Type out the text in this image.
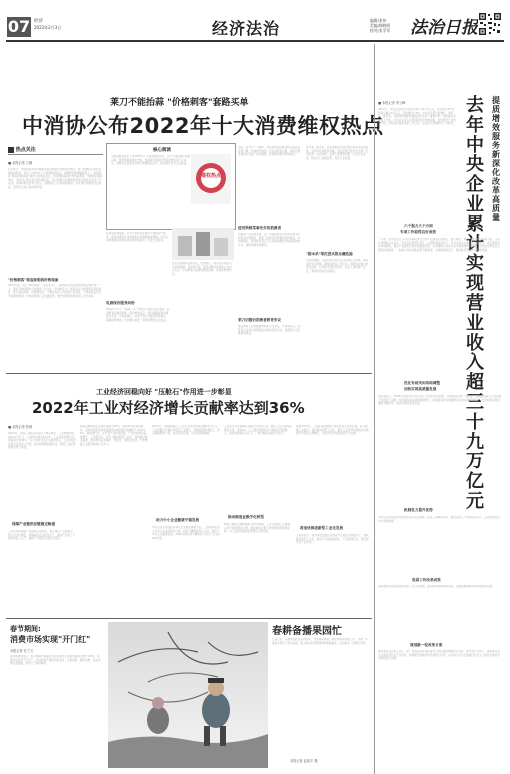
07 经济
2023年2月3日	经济法治	编辑/张伟
美编/韩晓明
校对/张学军	法治日报
莱刀不能抬蒜 "价格刺客"套路买单
中消协公布2022年十大消费维权热点
热点关注
■ 本报记者 万静
1月30日，中国消费者协会根据全国消协组织受理投诉情况，结合舆情热点和社会调查等资料，发布了2022年十大消费维权热点。消费维权舆情数据显示，"价格刺客"等违规明码标价现象引发舆论关注，使用预制菜事先告知消费者，电商保价服务纠纷，"剧本杀"等沉浸式娱乐藏危险，莱刀切割仍消费者教育争议等热点受到广泛关注。中消协相关负责人表示，消费维权工作将持续推进，切实保护消费者合法权益，营造安全放心的消费环境。
"价格刺客"等违规明码价格现象
2022年夏，网上"雪糕刺客"一词迅速走红，消费者在购买雪糕时被高价格"刺"了一下。随后"价格刺客"引发舆论广泛关注。中消协认为，经营者应当按照规定明码标价，标示商品名称、价格等信息，不得在标价之外加价出售商品，不得收取任何未予标明的费用。市场监管部门应加强监管，维护消费者知情权和公平交易权。
核心阅读
中国消费者协会公布2022年十大消费维权热点，其中"价格刺客"套路买单、使用预制菜事先告知、电商保价服务纠纷等问题受到广泛关注。消费者在消费过程中应增强维权意识，依法维护自身合法权益。
维权热点
在新冠疫情期间，部分平台和商家推出"价格保护"服务，然而消费者在申请保价时却遭遇重重阻碍，商家以各种理由拒绝保价或设置苛刻条件，引发大量投诉。
电商保价服务纠纷
2022年"双十一"期间，多个电商平台推出保价服务，但消费者反映保价难、保价规则复杂、保价期限短等问题较为突出。中消协建议，电商平台应当规范保价服务，明确保价规则，切实履行承诺，保护消费者合法权益。
经营者以降价促销为名，虚构原价，或者在促销活动中采取隐瞒、误导等手段，损害消费者利益的行为时有发生。中消协提示消费者理性消费，保存好购物凭证。
但是，在"双十一"期间，部分消费者反映在购买商品后价格下降，申请保价被拒。还有消费者反映，商家在保价规则中设置了诸多限制，使得保价服务形同虚设。
使用预制菜事先告知消费者
预制菜产业快速发展，但一些餐饮经营者未向消费者告知菜品为预制菜，损害了消费者的知情权和选择权。中消协建议，餐饮经营者应当主动向消费者告知菜品制作方式，保障消费者知情权。
莱刀切割仍消费者教育争议
某品牌菜刀因切割硬物断裂引发争议，中消协认为，经营者应当真实说明商品用途和使用方法，消费者应当正确使用商品。
近年来，剧本杀、密室逃脱等沉浸式娱乐新业态迅速发展，受到年轻消费者青睐。但在发展过程中也出现了安全隐患、内容违规、收费不透明等问题，引发社会关注。相关部门加强监管，规范行业发展。
"剧本杀"等沉浸式娱乐藏危险
中消协提醒，沉浸式娱乐场所应当加强安全管理，落实消防安全措施，确保消费者人身安全。消费者在参与此类活动时，应选择正规经营场所，注意人身和财产安全，遇到纠纷时依法维权。
■ 本报记者 李立峰
2022年，中央企业累计实现营业收入39.4万亿元，同比增长8.3%；利润总额2.6万亿元，同比增长5.5%。中央企业着力稳增长、防风险、促改革，在服务构建新发展格局中发挥了重要作用。国资委有关负责人介绍，中央企业深入实施创新驱动发展战略，加快推进产业转型升级，持续深化国企改革三年行动，企业活力和效率进一步提升。
提质增效服务新 深化改革高质量
去年中央企业累计实现营业收入超三十九万亿元
六个强力大个方面
专项工作取得良好成效
一年来，中央企业全力以赴保障能源安全和产业链供应链稳定，加大煤炭、电力、油气供应保障力度，主动让利降低企业成本，坚决扛起稳增长责任。在国资委的推动下，中央企业深入推进专业化整合，优化国有资本布局结构，推动产业链供应链补链强链延链，在关键核心技术攻关方面取得积极进展。中央企业研发投入强度持续提高，一批重大科技创新成果不断涌现，为保障国家安全、推动经济发展作出积极贡献。
优化布局突出结构调整
加快实现高质量发展
国资委表示，2023年将推动中央企业进一步优化布局结构，加快建设世界一流企业，在战略性新兴产业发展上实现更大突破，持续推进重点领域重组整合，推动国有资本向重要行业和关键领域集中，发挥好国有经济战略支撑作用，加快实现高质量发展。
机制发力提升优势
中央企业持续完善中国特色现代企业制度，深化三项制度改革，激发各类人才创新创造活力，企业发展内生动力明显增强。
巩固工作改革成效
国资委将巩固深化国企改革三年行动成果，推动改革成效持续显现，加强监督确保改革举措落地见效。
谋划新一轮改革方案
国资委有关负责人表示，新一轮国企改革深化提升行动将围绕增强核心功能、提升核心竞争力，推动国有企业在建设现代化产业体系、构建新发展格局中发挥更大作用，以实际行动为全面建设社会主义现代化国家作出新的更大贡献。
工业经济回稳向好 "压舱石"作用进一步彰显
2022年工业对经济增长贡献率达到36%
■ 本报记者 张维
2022年，我国工业经济顶住压力稳定增长，工业增加值达到40.2万亿元，占GDP比重为33.2%，工业对经济增长的贡献率达到36%，有力支撑了经济大盘的稳定。工业和信息化部有关负责人介绍，面对超预期因素冲击，我国工业经济展现出强大韧性。
保障产业链供应链稳定畅通
工信部持续加强产业链供应链协同，建立重点产业链供应链"白名单"制度，保障重点企业稳定生产，推动产业链上下游协同复工达产，确保产业链供应链安全稳定。
制造业增加值占全球比重接近30%，连续13年居世界首位。高技术制造业和装备制造业增加值分别增长7.4%和5.6%，新能源汽车、光伏等产业快速发展，产量持续保持高速增长。工信部表示，将大力推进新型工业化，加快建设制造强国，推动制造业高端化、智能化、绿色化发展，不断增强工业经济的核心竞争力。
2022年，全国规模以上工业企业实现利润总额8.4万亿元。工信部通过多措并举稳定工业增长，加强政策协同配合，加大减税降费力度，优化营商环境，为企业纾困解难。
助力中小企业健康平稳发展
中小企业是国民经济和社会发展的重要力量，工信部持续加大对中小企业的扶持力度，培育专精特新中小企业，推动大中小企业融通发展，2022年新培育专精特新"小巨人"企业3000余家。
工信部还将实施制造业数字化转型行动，推动工业互联网规模化应用，加快5G、人工智能等新技术与制造业深度融合，培育智能制造示范工厂，提升制造业数字化水平。
推动制造业数字化转型
我国已建成全球规模最大的5G网络，工业互联网已全面融入45个国民经济大类，推动制造业数字化转型取得显著成效，为工业经济高质量发展注入新动能。
展望2023年，工信部将把稳增长放在更加突出的位置，着力提振工业经济，加快推进新型工业化，推动工业经济实现质的有效提升和量的合理增长，为经济社会发展提供有力支撑。
将加快推进新型工业化发展
工信部表示，将坚持把发展经济的着力点放在实体经济上，加快推进新型工业化，推进产业基础高级化、产业链现代化，建设现代化产业体系。
春节期间:
消费市场实现"开门红"
本报记者 孔宁文
商务部数据显示，春节假期全国重点零售和餐饮企业销售额同比增长6.8%，消费市场实现"开门红"。各地积极开展促消费活动，文旅消费、餐饮消费、商品消费全面回暖，市场人气持续攀升。
春耕备播果园忙
立春过后，各地果农抓住有利时机，开展果树修剪、施肥等春季管理工作，为新一年果品丰收打下坚实基础。图为果农在果园里修剪果树枝条，田间地头一派繁忙景象。
本报记者 赵凯平 摄
